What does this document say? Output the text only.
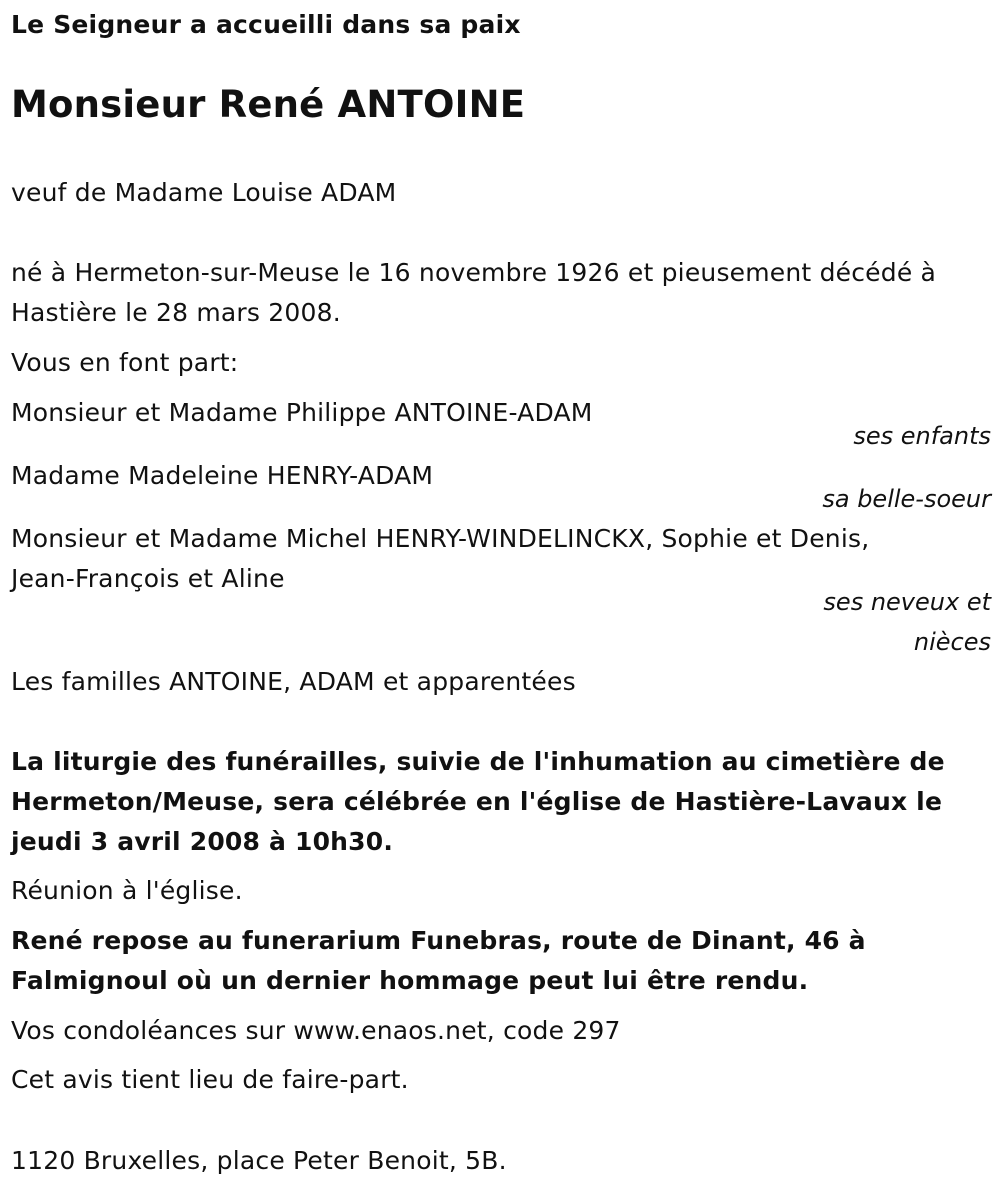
Le Seigneur a accueilli dans sa paix
Monsieur René ANTOINE
veuf de Madame Louise ADAM
né à Hermeton-sur-Meuse le 16 novembre 1926 et pieusement décédé à
Hastière le 28 mars 2008.
Vous en font part:
Monsieur et Madame Philippe ANTOINE-ADAM
ses enfants
Madame Madeleine HENRY-ADAM
sa belle-soeur
Monsieur et Madame Michel HENRY-WINDELINCKX, Sophie et Denis,
Jean-François et Aline
ses neveux et
nièces
Les familles ANTOINE, ADAM et apparentées
La liturgie des funérailles, suivie de l'inhumation au cimetière de
Hermeton/Meuse, sera célébrée en l'église de Hastière-Lavaux le
jeudi 3 avril 2008 à 10h30.
Réunion à l'église.
René repose au funerarium Funebras, route de Dinant, 46 à
Falmignoul où un dernier hommage peut lui être rendu.
Vos condoléances sur www.enaos.net, code 297
Cet avis tient lieu de faire-part.
1120 Bruxelles, place Peter Benoit, 5B.
